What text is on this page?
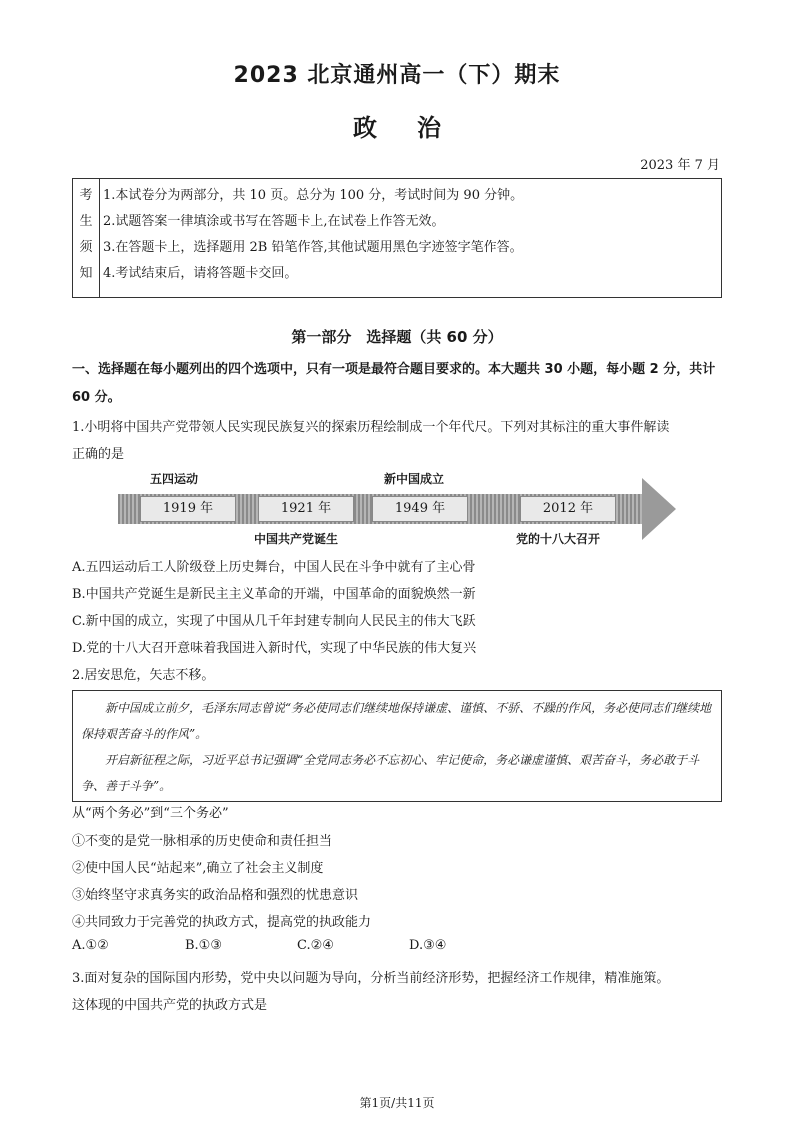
2023 北京通州高一（下）期末
政治
2023 年 7 月
考
生
须
知
1.本试卷分为两部分，共 10 页。总分为 100 分，考试时间为 90 分钟。
2.试题答案一律填涂或书写在答题卡上,在试卷上作答无效。
3.在答题卡上，选择题用 2B 铅笔作答,其他试题用黑色字迹签字笔作答。
4.考试结束后，请将答题卡交回。
第一部分　选择题（共 60 分）
一、选择题在每小题列出的四个选项中，只有一项是最符合题目要求的。本大题共 30 小题，每小题 2 分，共计 60 分。
1.小明将中国共产党带领人民实现民族复兴的探索历程绘制成一个年代尺。下列对其标注的重大事件解读
正确的是
五四运动	新中国成立
1919 年	1921 年	1949 年	2012 年
中国共产党诞生	党的十八大召开
A.五四运动后工人阶级登上历史舞台，中国人民在斗争中就有了主心骨
B.中国共产党诞生是新民主主义革命的开端，中国革命的面貌焕然一新
C.新中国的成立，实现了中国从几千年封建专制向人民民主的伟大飞跃
D.党的十八大召开意味着我国进入新时代，实现了中华民族的伟大复兴
2.居安思危，矢志不移。

新中国成立前夕，毛泽东同志曾说“务必使同志们继续地保持谦虚、谨慎、不骄、不躁的作风，务必使同志们继续地保持艰苦奋斗的作风”。

开启新征程之际，习近平总书记强调“全党同志务必不忘初心、牢记使命，务必谦虚谨慎、艰苦奋斗，务必敢于斗争、善于斗争”。

从“两个务必”到“三个务必”
①不变的是党一脉相承的历史使命和责任担当
②使中国人民“站起来”,确立了社会主义制度
③始终坚守求真务实的政治品格和强烈的忧患意识
④共同致力于完善党的执政方式，提高党的执政能力
A.①②	B.①③	C.②④	D.③④
3.面对复杂的国际国内形势，党中央以问题为导向，分析当前经济形势，把握经济工作规律，精准施策。
这体现的中国共产党的执政方式是
第1页/共11页
